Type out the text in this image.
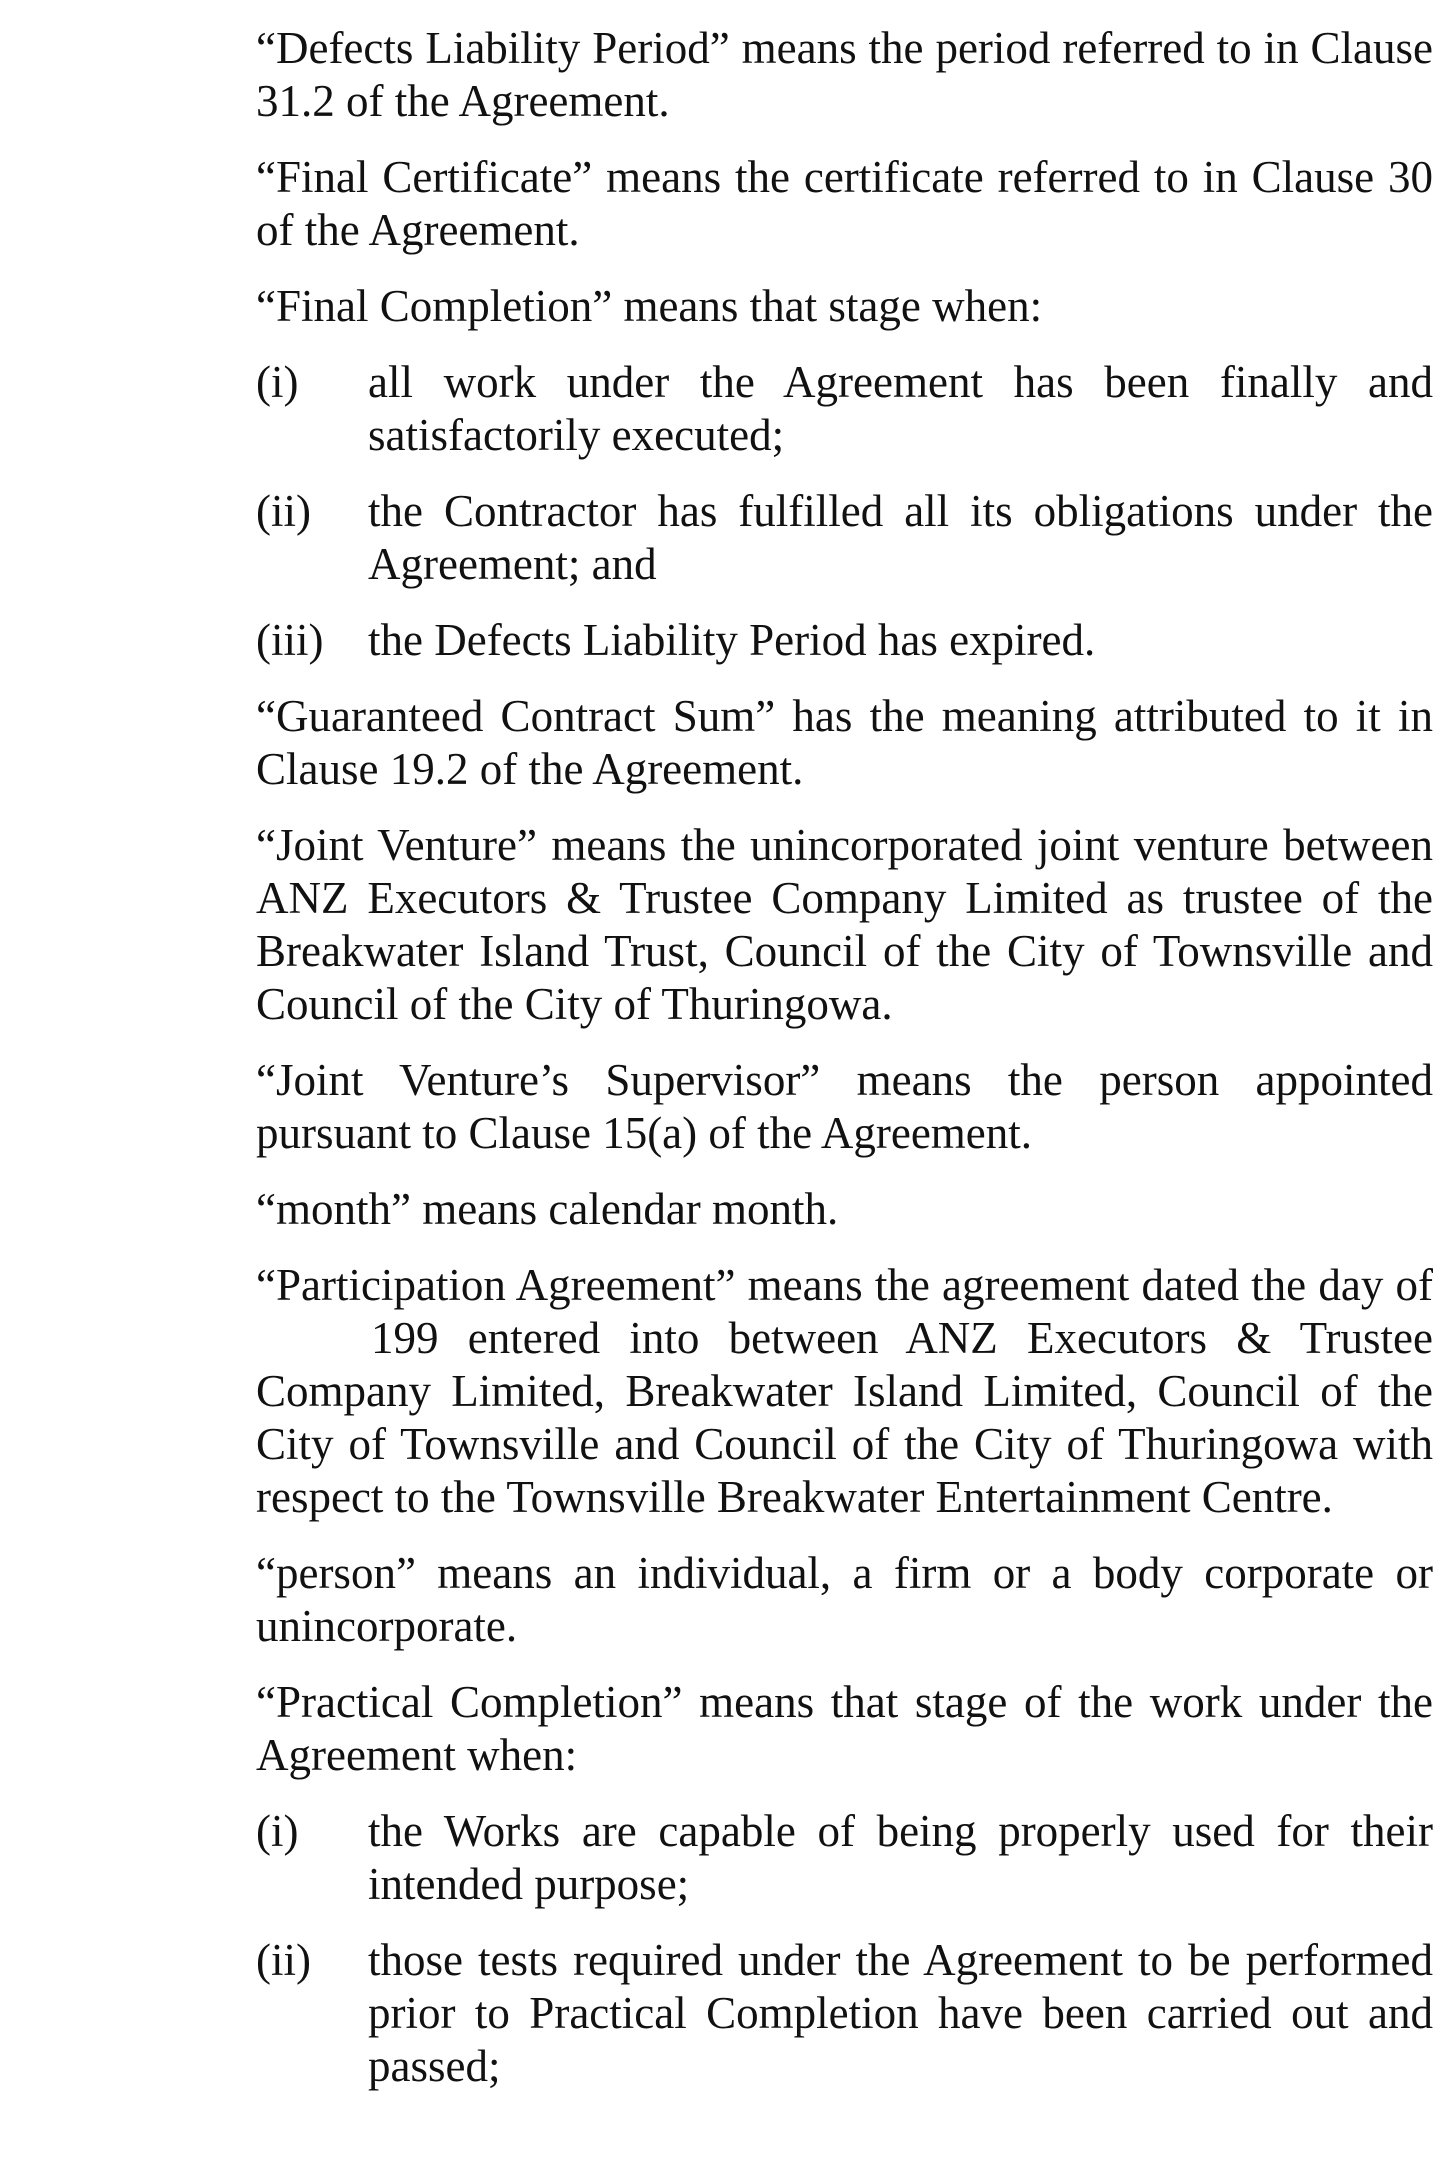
“Defects Liability Period” means the period referred to in Clause 31.2 of the Agreement.

“Final Certificate” means the certificate referred to in Clause 30 of the Agreement.

“Final Completion” means that stage when:

(i)	all work under the Agreement has been finally and satisfactorily executed;
(ii)	the Contractor has fulfilled all its obligations under the Agreement; and
(iii) the Defects Liability Period has expired.

“Guaranteed Contract Sum” has the meaning attributed to it in Clause 19.2 of the Agreement.

“Joint Venture” means the unincorporated joint venture between ANZ Executors & Trustee Company Limited as trustee of the Breakwater Island Trust, Council of the City of Townsville and Council of the City of Thuringowa.

“Joint Venture’s Supervisor” means the person appointed pursuant to Clause 15(a) of the Agreement.

“month” means calendar month.

“Participation Agreement” means the agreement dated the day of199 entered into between ANZ Executors & Trustee Company Limited, Breakwater Island Limited, Council of the City of Townsville and Council of the City of Thuringowa with respect to the Townsville Breakwater Entertainment Centre.

“person” means an individual, a firm or a body corporate or unincorporate.

“Practical Completion” means that stage of the work under the Agreement when:

(i)	the Works are capable of being properly used for their intended purpose;
(ii)	those tests required under the Agreement to be performed prior to Practical Completion have been carried out and passed;
